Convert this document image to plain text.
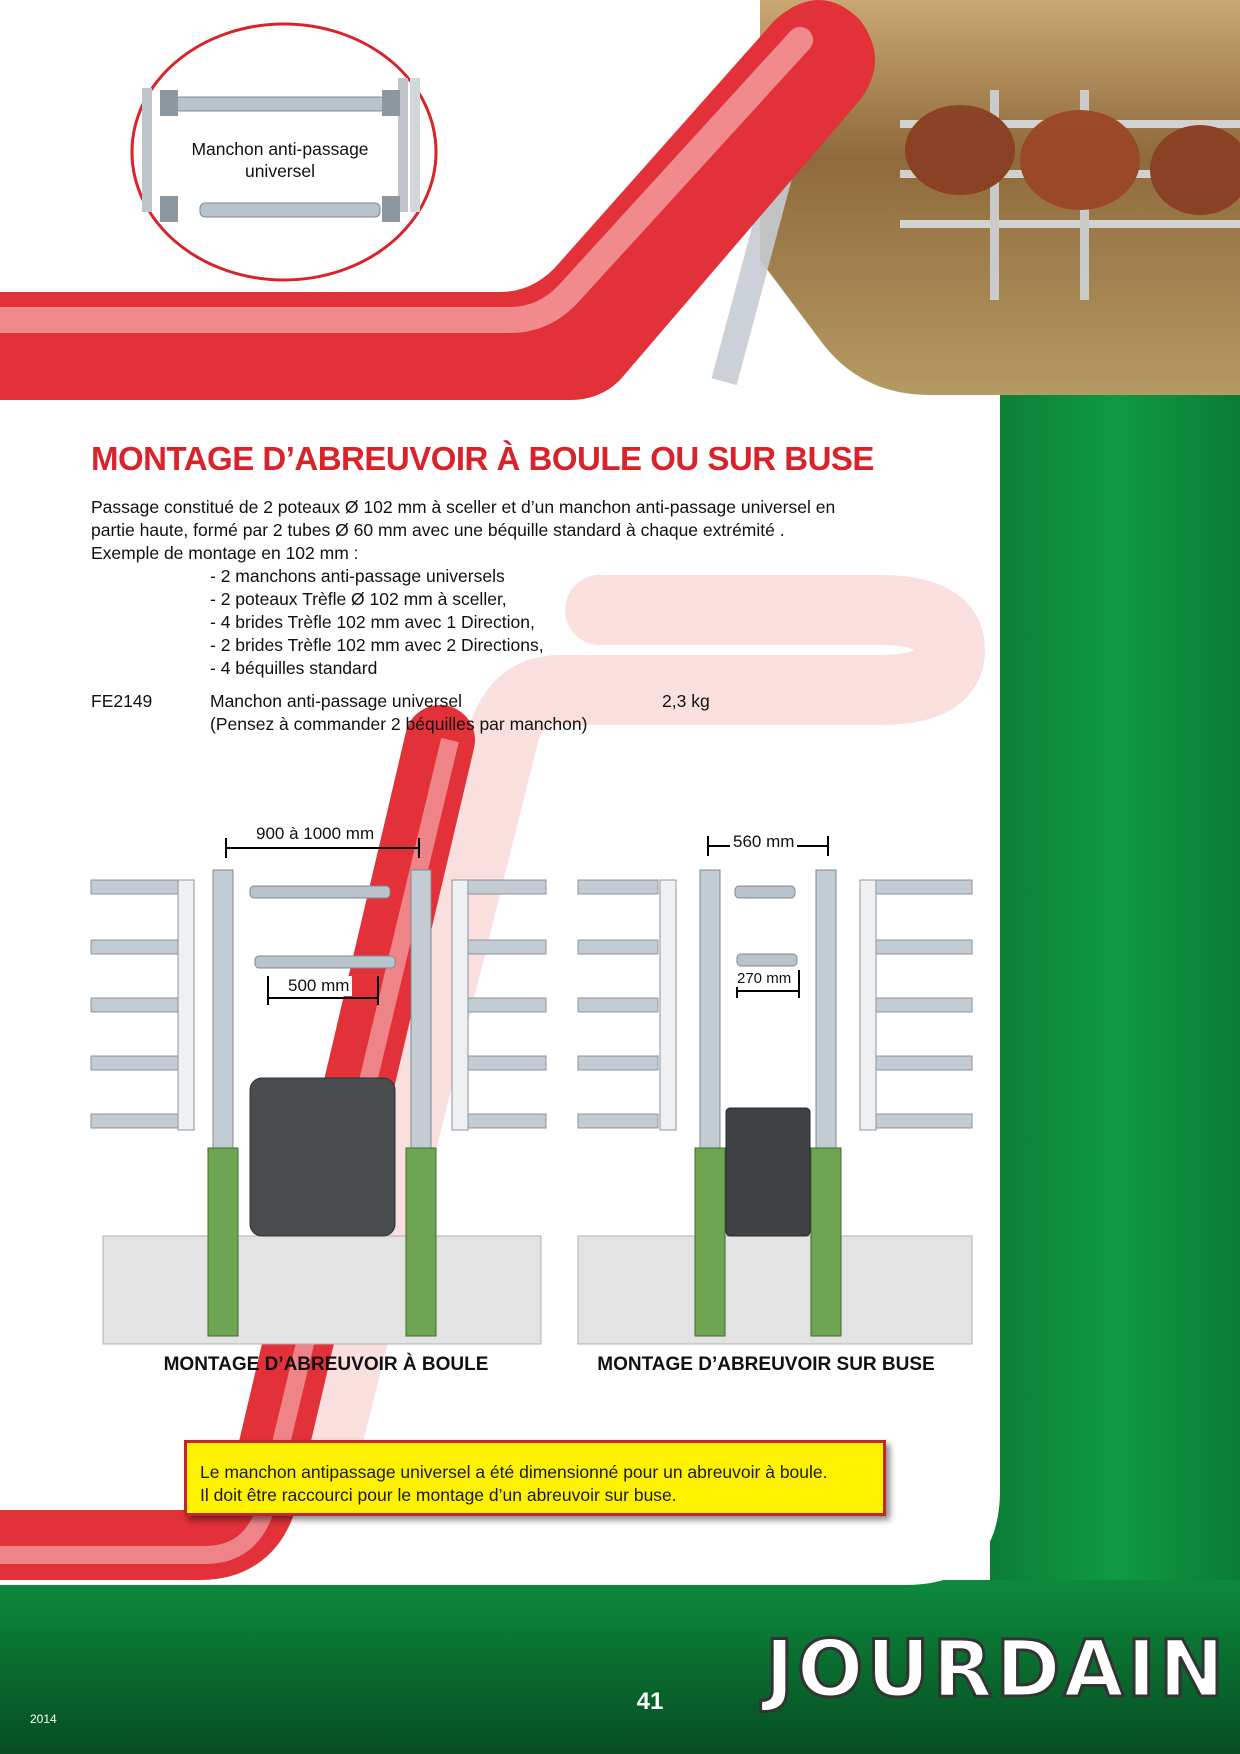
Manchon anti-passage
universel
MONTAGE D’ABREUVOIR À BOULE OU SUR BUSE
Passage constitué de 2 poteaux Ø 102 mm à sceller et d’un manchon anti-passage universel en
partie haute, formé par 2 tubes Ø 60 mm avec une béquille standard à chaque extrémité .
Exemple de montage en 102 mm :
- 2 manchons anti-passage universels
- 2 poteaux Trèfle Ø 102 mm à sceller,
- 4 brides Trèfle 102 mm avec 1 Direction,
- 2 brides Trèfle 102 mm avec 2 Directions,
- 4 béquilles standard
FE2149	Manchon anti-passage universel
(Pensez à commander 2 béquilles par manchon)
2,3 kg
900 à 1000 mm
500 mm
560 mm
270 mm
MONTAGE D’ABREUVOIR À BOULE	MONTAGE D’ABREUVOIR SUR BUSE
Le manchon antipassage universel a été dimensionné pour un abreuvoir à boule.
Il doit être raccourci pour le montage d’un abreuvoir sur buse.
JOURDAIN
41
2014
